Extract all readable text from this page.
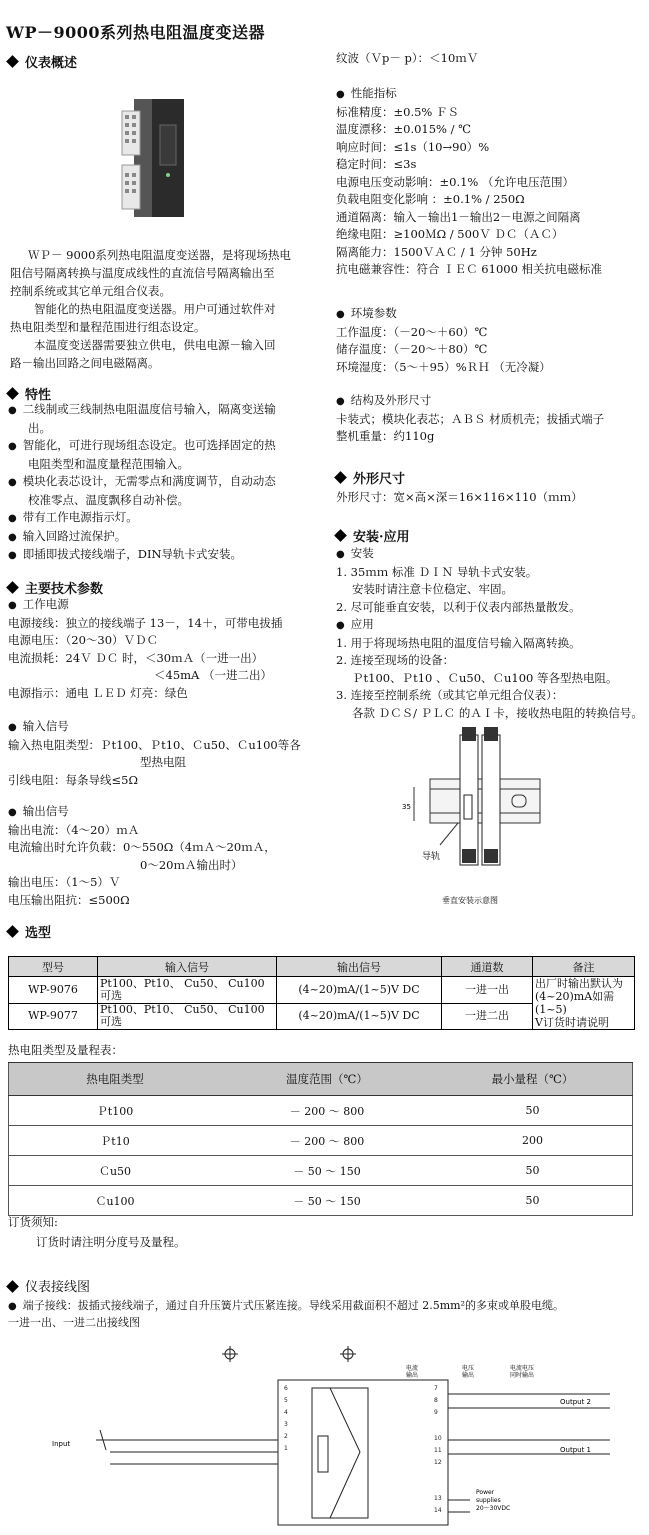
WP－9000系列热电阻温度变送器
仪表概述
ＷＰ－ 9000系列热电阻温度变送器，是将现场热电
阻信号隔离转换与温度成线性的直流信号隔离输出至
控制系统或其它单元组合仪表。
智能化的热电阻温度变送器。用户可通过软件对
热电阻类型和量程范围进行组态设定。
本温度变送器需要独立供电，供电电源－输入回
路－输出回路之间电磁隔离。
特性
● 二线制或三线制热电阻温度信号输入，隔离变送输
出。
● 智能化，可进行现场组态设定。也可选择固定的热
电阻类型和温度量程范围输入。
● 模块化表芯设计，无需零点和满度调节，自动动态
校准零点、温度飘移自动补偿。
● 带有工作电源指示灯。
● 输入回路过流保护。
● 即插即拔式接线端子，DIN导轨卡式安装。
主要技术参数
● 工作电源
电源接线：独立的接线端子 13－，14＋，可带电拔插
电源电压：（20～30）ＶＤＣ
电流损耗：24Ｖ ＤＣ 时，＜30ｍＡ（一进一出）
＜45mA （一进二出）
电源指示：通电 ＬＥＤ 灯亮：绿色
● 输入信号
输入热电阻类型：Ｐt100、Ｐt10、Ｃu50、Ｃu100等各
型热电阻
引线电阻：每条导线≤5Ω
● 输出信号
输出电流：（4～20）ｍＡ
电流输出时允许负载：0～550Ω（4ｍＡ～20ｍＡ，
0～20ｍＡ输出时）
输出电压：（1～5）Ｖ
电压输出阻抗：≤500Ω
纹波（Ｖp－ p）：＜10ｍＶ
● 性能指标
标准精度：±0.5% ＦＳ
温度漂移：±0.015% / ℃
响应时间：≤1s（10→90）%
稳定时间：≤3s
电源电压变动影响：±0.1% （允许电压范围）
负载电阻变化影响 ：±0.1% / 250Ω
通道隔离：输入－输出1－输出2－电源之间隔离
绝缘电阻：≥100ＭΩ / 500Ｖ ＤＣ（ＡＣ）
隔离能力：1500ＶＡＣ / 1 分钟 50Hz
抗电磁兼容性：符合 ＩＥＣ 61000 相关抗电磁标准
● 环境参数
工作温度：（－20～＋60）℃
储存温度：（－20～＋80）℃
环境湿度：（5～＋95）%ＲＨ （无冷凝）
● 结构及外形尺寸
卡装式；模块化表芯；ＡＢＳ 材质机壳；拔插式端子
整机重量：约110g
外形尺寸
外形尺寸：宽×高×深＝16×116×110（ｍｍ）
安装·应用
● 安装
1. 35ｍｍ 标准 ＤＩＮ 导轨卡式安装。
安装时请注意卡位稳定、牢固。
2. 尽可能垂直安装，以利于仪表内部热量散发。
● 应用
1. 用于将现场热电阻的温度信号输入隔离转换。
2. 连接至现场的设备：
Ｐt100、Ｐt10 、Ｃu50、Ｃu100 等各型热电阻。
3. 连接至控制系统（或其它单元组合仪表）：
各款 ＤＣＳ/ ＰＬＣ 的ＡＩ卡，接收热电阻的转换信号。
35
导轨
垂直安装示意图
选型
型号	输入信号	输出信号	通道数	备注
WP-9076	Pt100、Pt10、 Cu50、 Cu100可选	(4~20)mA/(1~5)V DC	一进一出	出厂时输出默认为
(4~20)mA如需(1~5)
V订货时请说明

WP-9077	Pt100、Pt10、 Cu50、 Cu100可选	(4~20)mA/(1~5)V DC	一进二出	
热电阻类型及量程表：
热电阻类型	温度范围（℃）	最小量程（℃）
Ｐt100	－ 200 ～ 800	50
Ｐt10	－ 200 ～ 800	200
Ｃu50	－ 50 ～ 150	50
Ｃu100	－ 50 ～ 150	50
订货须知:
订货时请注明分度号及量程。
仪表接线图
● 端子接线：拔插式接线端子，通过自升压簧片式压紧连接。导线采用截面积不超过 2.5mm²的多束或单股电缆。
一进一出、一进二出接线图
6
5
4
3
2
1
7
8
9
10
11
12
13
14
Input
电流
输出
电压
输出
电流电压
同时输出
Output 2
Output 1
Power
supplies
20～30VDC
